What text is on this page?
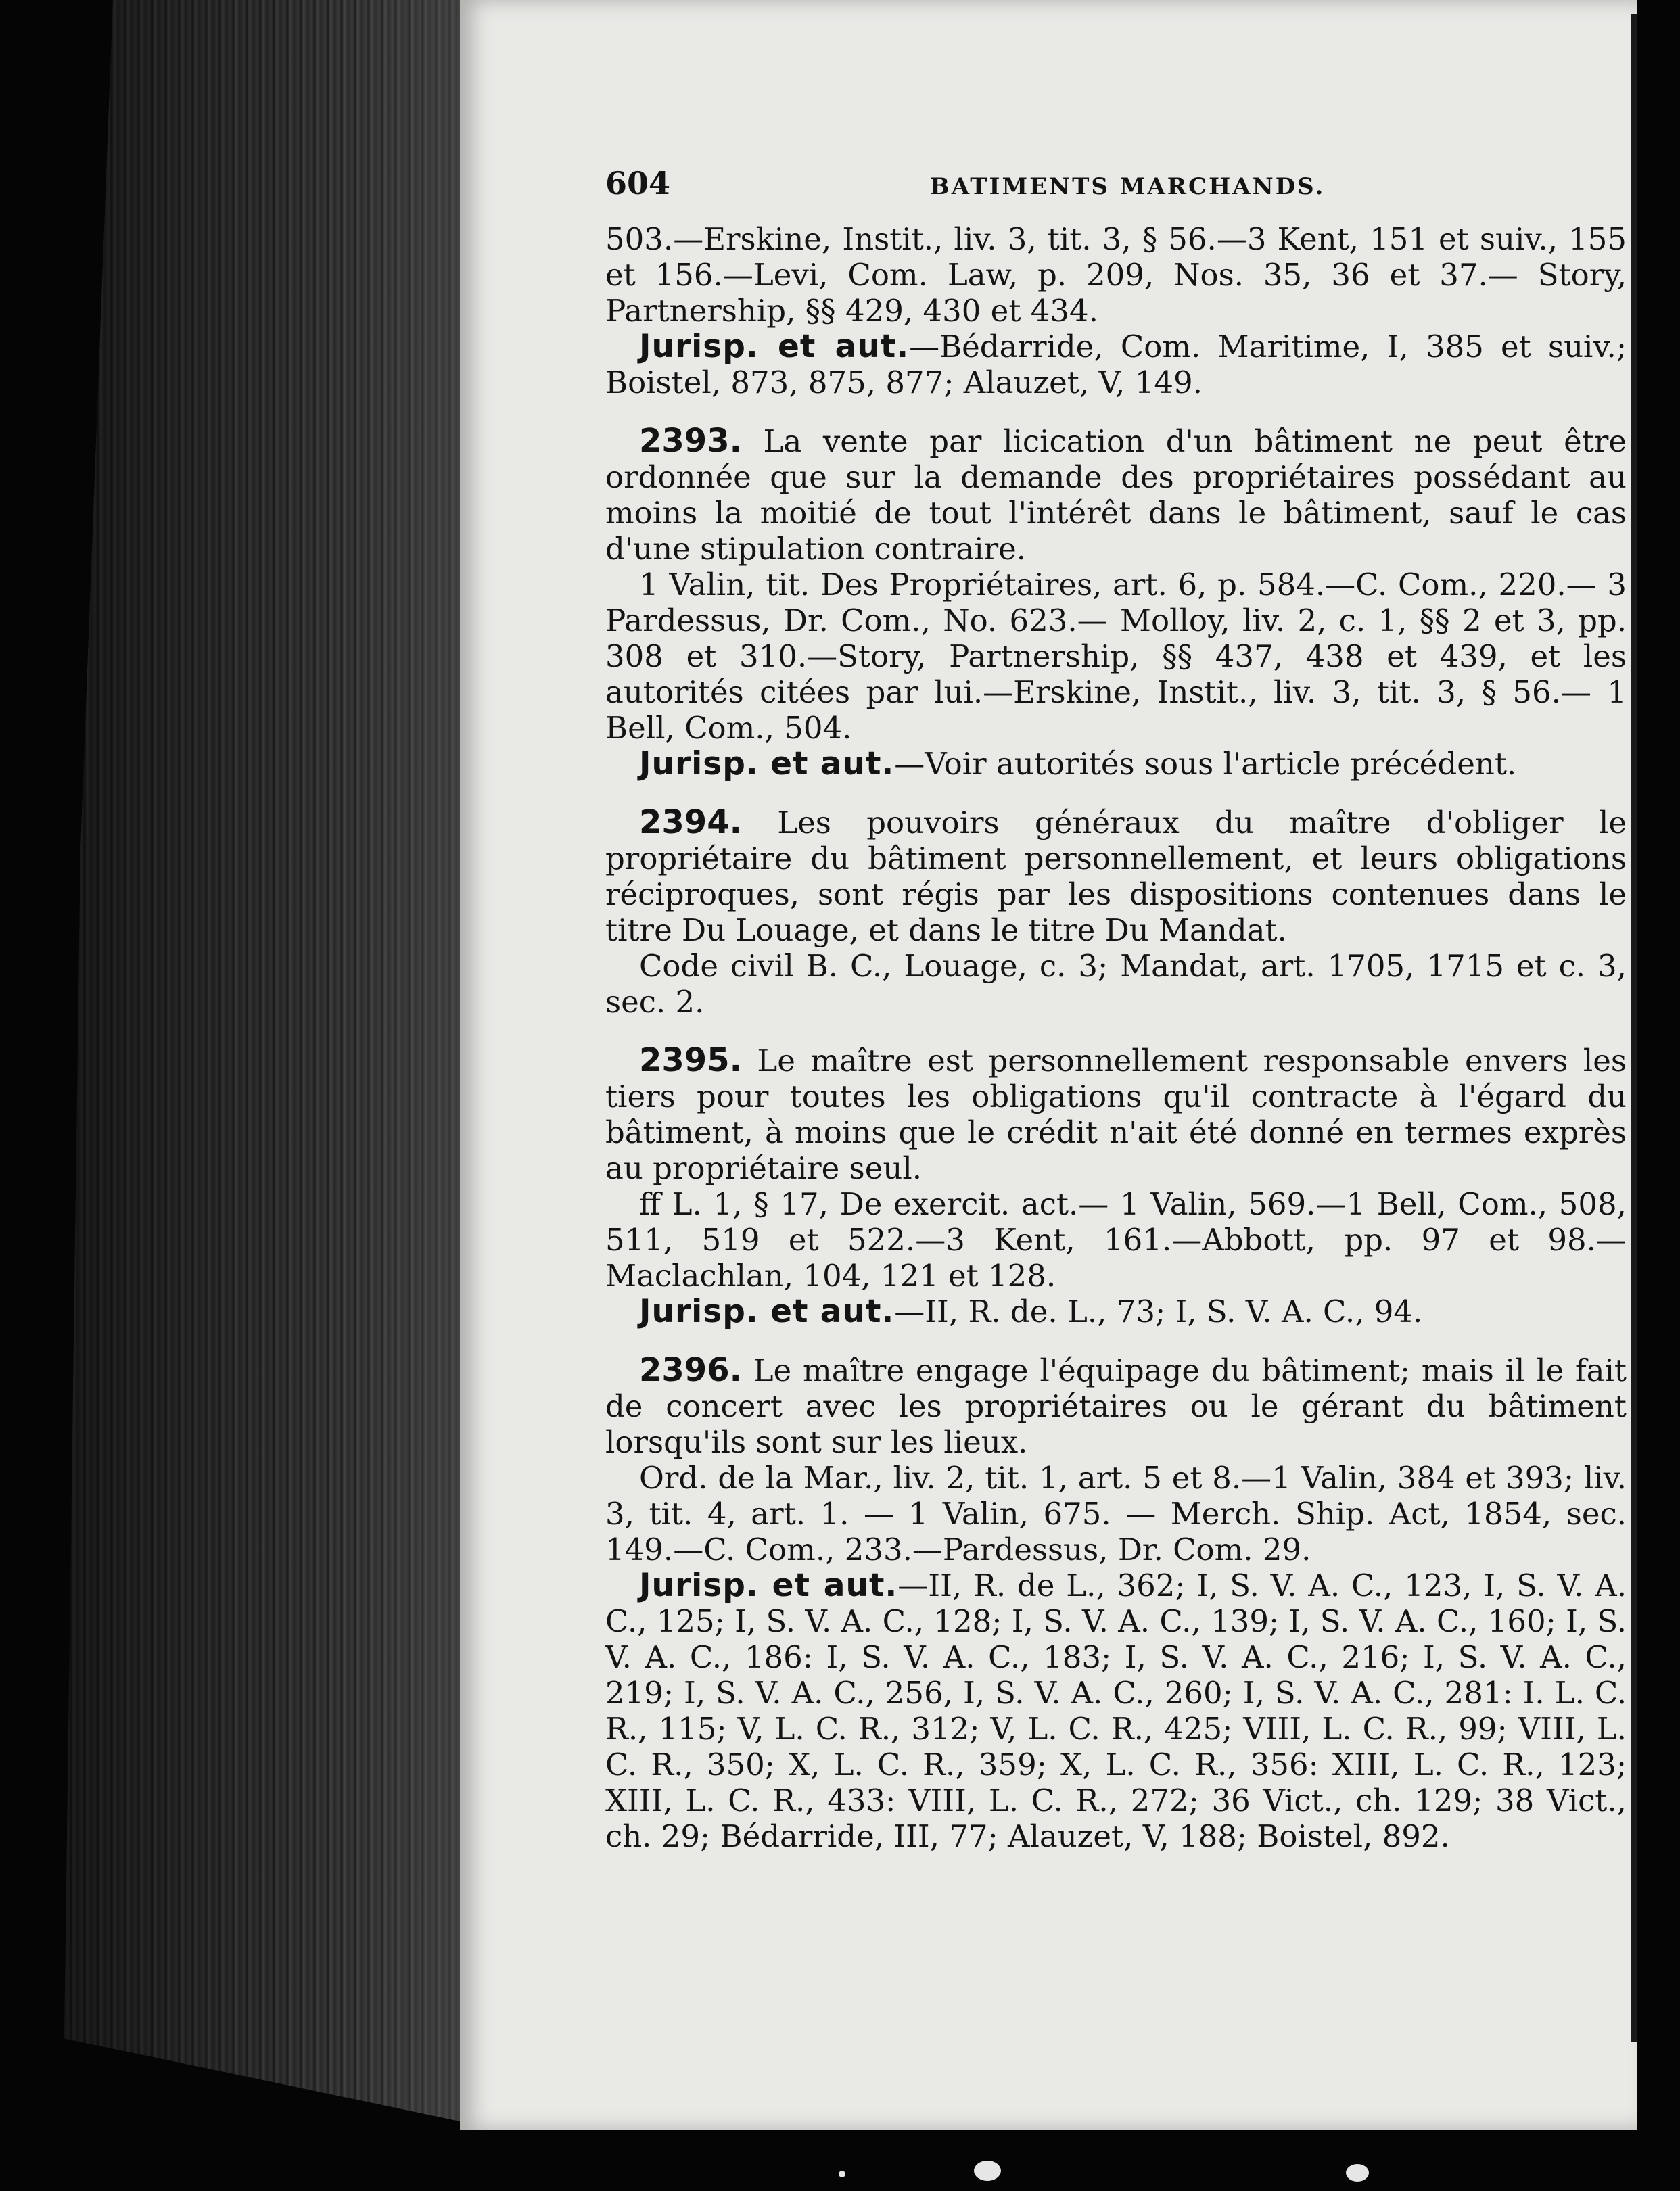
604	BATIMENTS MARCHANDS.

503.—Erskine, Instit., liv. 3, tit. 3, § 56.—3 Kent, 151 et suiv., 155 et 156.—Levi, Com. Law, p. 209, Nos. 35, 36 et 37.— Story, Partnership, §§ 429, 430 et 434.

Jurisp. et aut.—Bédarride, Com. Maritime, I, 385 et suiv.; Boistel, 873, 875, 877; Alauzet, V, 149.

2393. La vente par licication d'un bâtiment ne peut être ordonnée que sur la demande des propriétaires possédant au moins la moitié de tout l'intérêt dans le bâtiment, sauf le cas d'une stipulation contraire.

1 Valin, tit. Des Propriétaires, art. 6, p. 584.—C. Com., 220.— 3 Pardessus, Dr. Com., No. 623.— Molloy, liv. 2, c. 1, §§ 2 et 3, pp. 308 et 310.—Story, Partnership, §§ 437, 438 et 439, et les autorités citées par lui.—Erskine, Instit., liv. 3, tit. 3, § 56.— 1 Bell, Com., 504.

Jurisp. et aut.—Voir autorités sous l'article précédent.

2394. Les pouvoirs généraux du maître d'obliger le propriétaire du bâtiment personnellement, et leurs obligations réciproques, sont régis par les dispositions contenues dans le titre Du Louage, et dans le titre Du Mandat.

Code civil B. C., Louage, c. 3; Mandat, art. 1705, 1715 et c. 3, sec. 2.

2395. Le maître est personnellement responsable envers les tiers pour toutes les obligations qu'il contracte à l'égard du bâtiment, à moins que le crédit n'ait été donné en termes exprès au propriétaire seul.

ff L. 1, § 17, De exercit. act.— 1 Valin, 569.—1 Bell, Com., 508, 511, 519 et 522.—3 Kent, 161.—Abbott, pp. 97 et 98.—Maclachlan, 104, 121 et 128.

Jurisp. et aut.—II, R. de. L., 73; I, S. V. A. C., 94.

2396. Le maître engage l'équipage du bâtiment; mais il le fait de concert avec les propriétaires ou le gérant du bâtiment lorsqu'ils sont sur les lieux.

Ord. de la Mar., liv. 2, tit. 1, art. 5 et 8.—1 Valin, 384 et 393; liv. 3, tit. 4, art. 1. — 1 Valin, 675. — Merch. Ship. Act, 1854, sec. 149.—C. Com., 233.—Pardessus, Dr. Com. 29.

Jurisp. et aut.—II, R. de L., 362; I, S. V. A. C., 123, I, S. V. A. C., 125; I, S. V. A. C., 128; I, S. V. A. C., 139; I, S. V. A. C., 160; I, S. V. A. C., 186: I, S. V. A. C., 183; I, S. V. A. C., 216; I, S. V. A. C., 219; I, S. V. A. C., 256, I, S. V. A. C., 260; I, S. V. A. C., 281: I. L. C. R., 115; V, L. C. R., 312; V, L. C. R., 425; VIII, L. C. R., 99; VIII, L. C. R., 350; X, L. C. R., 359; X, L. C. R., 356: XIII, L. C. R., 123; XIII, L. C. R., 433: VIII, L. C. R., 272; 36 Vict., ch. 129; 38 Vict., ch. 29; Bédarride, III, 77; Alauzet, V, 188; Boistel, 892.
